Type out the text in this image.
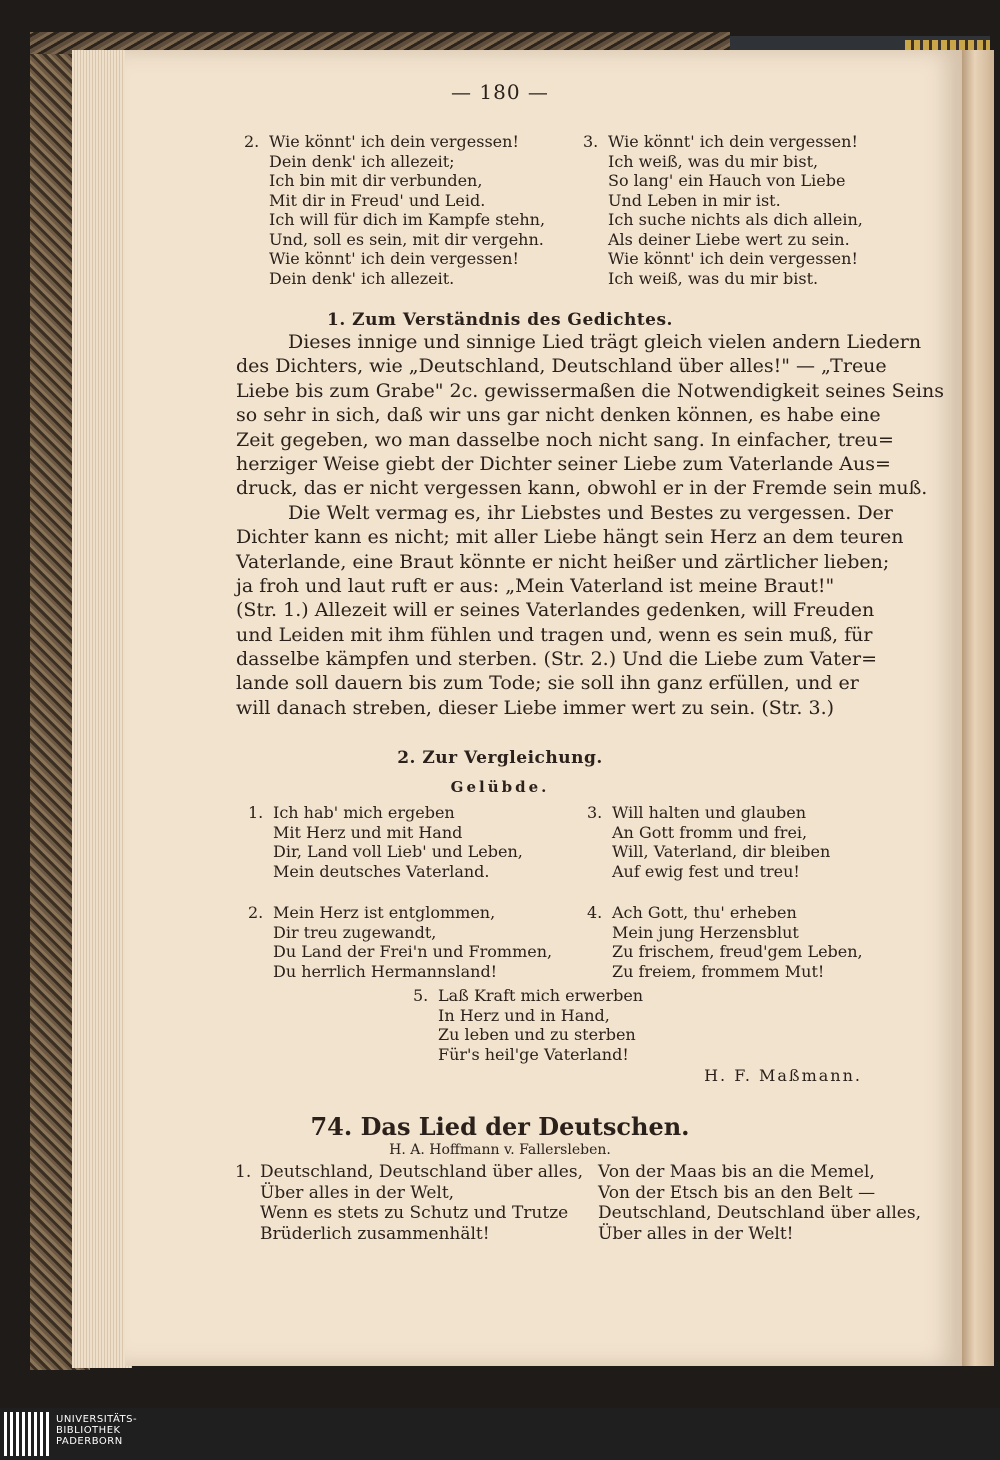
— 180 —
2. Wie könnt' ich dein vergessen!
Dein denk' ich allezeit;
Ich bin mit dir verbunden,
Mit dir in Freud' und Leid.
Ich will für dich im Kampfe stehn,
Und, soll es sein, mit dir vergehn.
Wie könnt' ich dein vergessen!
Dein denk' ich allezeit.
3. Wie könnt' ich dein vergessen!
Ich weiß, was du mir bist,
So lang' ein Hauch von Liebe
Und Leben in mir ist.
Ich suche nichts als dich allein,
Als deiner Liebe wert zu sein.
Wie könnt' ich dein vergessen!
Ich weiß, was du mir bist.
1. Zum Verständnis des Gedichtes.
Dieses innige und sinnige Lied trägt gleich vielen andern Liedern
des Dichters, wie „Deutschland, Deutschland über alles!" — „Treue
Liebe bis zum Grabe" 2c. gewissermaßen die Notwendigkeit seines Seins
so sehr in sich, daß wir uns gar nicht denken können, es habe eine
Zeit gegeben, wo man dasselbe noch nicht sang. In einfacher, treu=
herziger Weise giebt der Dichter seiner Liebe zum Vaterlande Aus=
druck, das er nicht vergessen kann, obwohl er in der Fremde sein muß.
Die Welt vermag es, ihr Liebstes und Bestes zu vergessen. Der
Dichter kann es nicht; mit aller Liebe hängt sein Herz an dem teuren
Vaterlande, eine Braut könnte er nicht heißer und zärtlicher lieben;
ja froh und laut ruft er aus: „Mein Vaterland ist meine Braut!"
(Str. 1.) Allezeit will er seines Vaterlandes gedenken, will Freuden
und Leiden mit ihm fühlen und tragen und, wenn es sein muß, für
dasselbe kämpfen und sterben. (Str. 2.) Und die Liebe zum Vater=
lande soll dauern bis zum Tode; sie soll ihn ganz erfüllen, und er
will danach streben, dieser Liebe immer wert zu sein. (Str. 3.)
2. Zur Vergleichung.
Gelübde.
1. Ich hab' mich ergeben
Mit Herz und mit Hand
Dir, Land voll Lieb' und Leben,
Mein deutsches Vaterland.
3. Will halten und glauben
An Gott fromm und frei,
Will, Vaterland, dir bleiben
Auf ewig fest und treu!
2. Mein Herz ist entglommen,
Dir treu zugewandt,
Du Land der Frei'n und Frommen,
Du herrlich Hermannsland!
4. Ach Gott, thu' erheben
Mein jung Herzensblut
Zu frischem, freud'gem Leben,
Zu freiem, frommem Mut!
5. Laß Kraft mich erwerben
In Herz und in Hand,
Zu leben und zu sterben
Für's heil'ge Vaterland!
H. F. Maßmann.
74. Das Lied der Deutschen.
H. A. Hoffmann v. Fallersleben.
1. Deutschland, Deutschland über alles,
Über alles in der Welt,
Wenn es stets zu Schutz und Trutze
Brüderlich zusammenhält!
Von der Maas bis an die Memel,
Von der Etsch bis an den Belt —
Deutschland, Deutschland über alles,
Über alles in der Welt!
UNIVERSITÄTS-
BIBLIOTHEK
PADERBORN
